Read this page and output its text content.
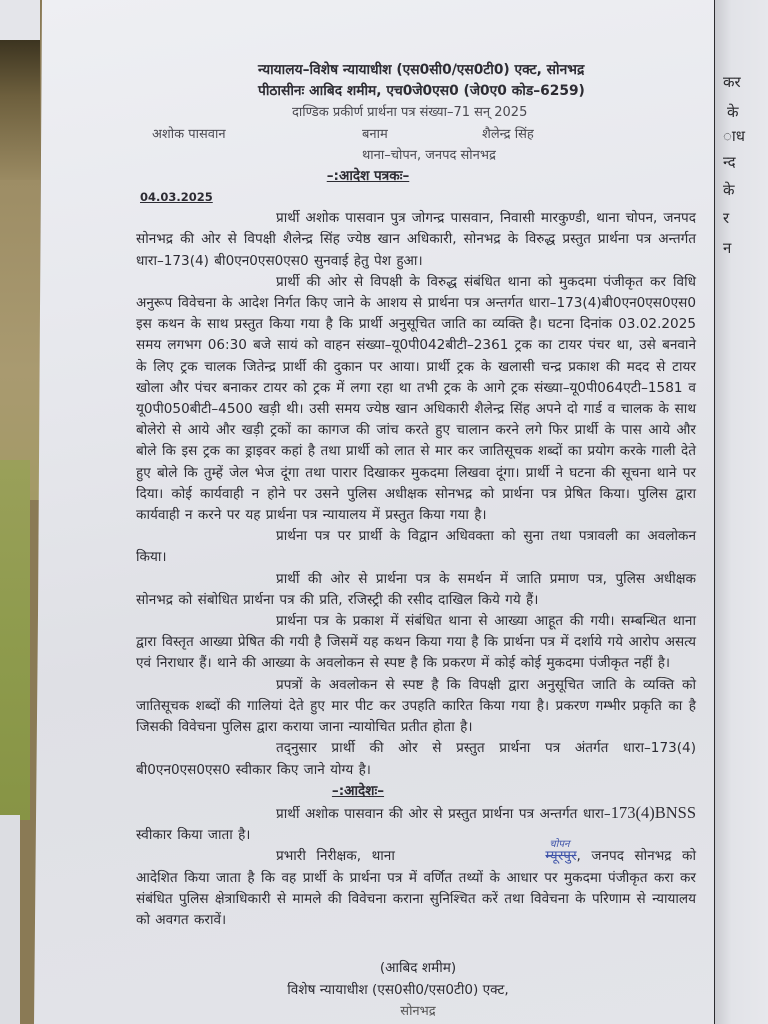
कर
के
ाध
न्द
के
र
न
न्यायालय–विशेष न्यायाधीश (एस0सी0/एस0टी0) एक्ट, सोनभद्र
पीठासीनः आबिद शमीम, एच0जे0एस0 (जे0ए0 कोड–6259)
दाण्डिक प्रकीर्ण प्रार्थना पत्र संख्या–71 सन् 2025
अशोक पासवान	बनाम	शैलेन्द्र सिंह
थाना–चोपन, जनपद सोनभद्र
–:आदेश पत्रकः–
04.03.2025

प्रार्थी अशोक पासवान पुत्र जोगन्द्र पासवान, निवासी मारकुण्डी, थाना चोपन, जनपद सोनभद्र की ओर से विपक्षी शैलेन्द्र सिंह ज्येष्ठ खान अधिकारी, सोनभद्र के विरुद्ध प्रस्तुत प्रार्थना पत्र अन्तर्गत धारा–173(4) बी0एन0एस0एस0 सुनवाई हेतु पेश हुआ।

प्रार्थी की ओर से विपक्षी के विरुद्ध संबंधित थाना को मुकदमा पंजीकृत कर विधि अनुरूप विवेचना के आदेश निर्गत किए जाने के आशय से प्रार्थना पत्र अन्तर्गत धारा–173(4)बी0एन0एस0एस0 इस कथन के साथ प्रस्तुत किया गया है कि प्रार्थी अनुसूचित जाति का व्यक्ति है। घटना दिनांक 03.02.2025 समय लगभग 06:30 बजे सायं को वाहन संख्या–यू0पी042बीटी–2361 ट्रक का टायर पंचर था, उसे बनवाने के लिए ट्रक चालक जितेन्द्र प्रार्थी की दुकान पर आया। प्रार्थी ट्रक के खलासी चन्द्र प्रकाश की मदद से टायर खोला और पंचर बनाकर टायर को ट्रक में लगा रहा था तभी ट्रक के आगे ट्रक संख्या–यू0पी064एटी–1581 व यू0पी050बीटी–4500 खड़ी थी। उसी समय ज्येष्ठ खान अधिकारी शैलेन्द्र सिंह अपने दो गार्ड व चालक के साथ बोलेरो से आये और खड़ी ट्रकों का कागज की जांच करते हुए चालान करने लगे फिर प्रार्थी के पास आये और बोले कि इस ट्रक का ड्राइवर कहां है तथा प्रार्थी को लात से मार कर जातिसूचक शब्दों का प्रयोग करके गाली देते हुए बोले कि तुम्हें जेल भेज दूंगा तथा पारार दिखाकर मुकदमा लिखवा दूंगा। प्रार्थी ने घटना की सूचना थाने पर दिया। कोई कार्यवाही न होने पर उसने पुलिस अधीक्षक सोनभद्र को प्रार्थना पत्र प्रेषित किया। पुलिस द्वारा कार्यवाही न करने पर यह प्रार्थना पत्र न्यायालय में प्रस्तुत किया गया है।

प्रार्थना पत्र पर प्रार्थी के विद्वान अधिवक्ता को सुना तथा पत्रावली का अवलोकन किया।

प्रार्थी की ओर से प्रार्थना पत्र के समर्थन में जाति प्रमाण पत्र, पुलिस अधीक्षक सोनभद्र को संबोधित प्रार्थना पत्र की प्रति, रजिस्ट्री की रसीद दाखिल किये गये हैं।

प्रार्थना पत्र के प्रकाश में संबंधित थाना से आख्या आहूत की गयी। सम्बन्धित थाना द्वारा विस्तृत आख्या प्रेषित की गयी है जिसमें यह कथन किया गया है कि प्रार्थना पत्र में दर्शाये गये आरोप असत्य एवं निराधार हैं। थाने की आख्या के अवलोकन से स्पष्ट है कि प्रकरण में कोई कोई मुकदमा पंजीकृत नहीं है।

प्रपत्रों के अवलोकन से स्पष्ट है कि विपक्षी द्वारा अनुसूचित जाति के व्यक्ति को जातिसूचक शब्दों की गालियां देते हुए मार पीट कर उपहति कारित किया गया है। प्रकरण गम्भीर प्रकृति का है जिसकी विवेचना पुलिस द्वारा कराया जाना न्यायोचित प्रतीत होता है।

तद्नुसार प्रार्थी की ओर से प्रस्तुत प्रार्थना पत्र अंतर्गत धारा–173(4) बी0एन0एस0एस0 स्वीकार किए जाने योग्य है।

–:आदेशः–

प्रार्थी अशोक पासवान की ओर से प्रस्तुत प्रार्थना पत्र अन्तर्गत धारा–173(4)BNSS स्वीकार किया जाता है।

प्रभारी निरीक्षक, थाना	म्यूरपुर
चोपन
, जनपद सोनभद्र को आदेशित किया जाता है कि वह प्रार्थी के प्रार्थना पत्र में वर्णित तथ्यों के आधार पर मुकदमा पंजीकृत करा कर संबंधित पुलिस क्षेत्राधिकारी से मामले की विवेचना कराना सुनिश्चित करें तथा विवेचना के परिणाम से न्यायालय को अवगत करावें।

(आबिद शमीम)
विशेष न्यायाधीश (एस0सी0/एस0टी0) एक्ट,
सोनभद्र
